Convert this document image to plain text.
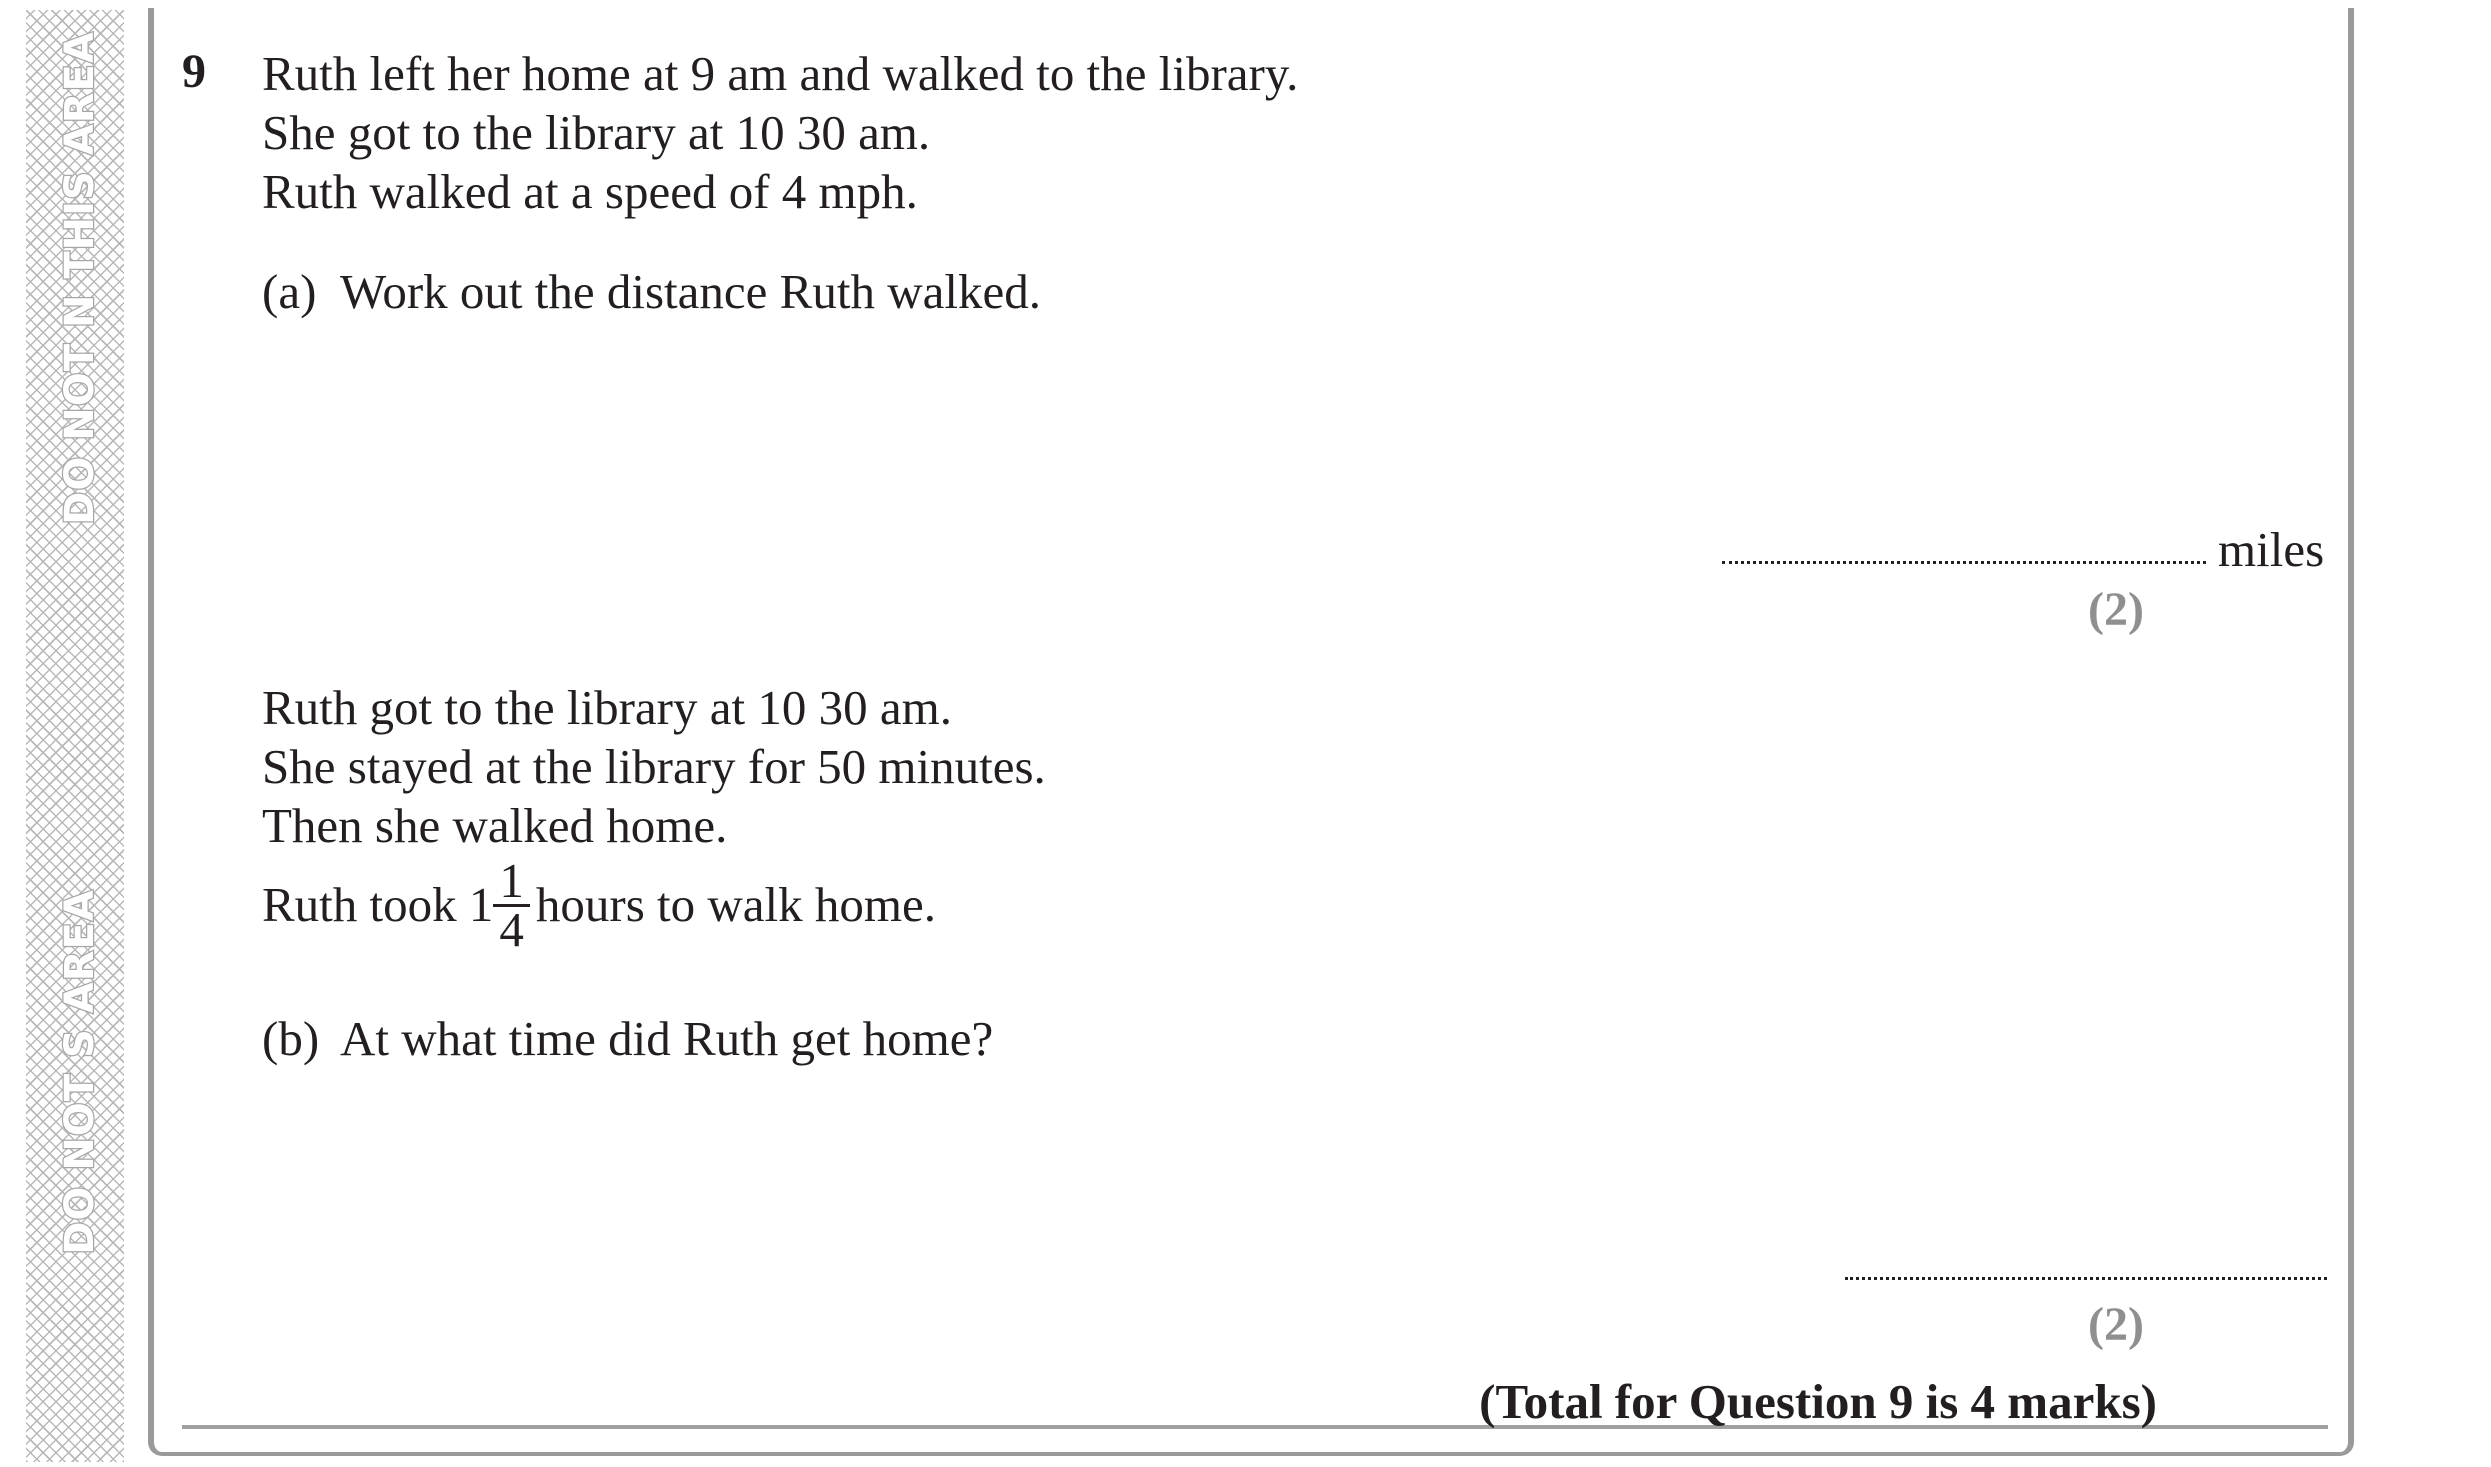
DO NOT N THIS AREA
DO NOT S AREA
9 Ruth left her home at 9 am and walked to the library.
She got to the library at 10 30 am.
Ruth walked at a speed of 4 mph.
(a) Work out the distance Ruth walked.
miles
(2)
Ruth got to the library at 10 30 am.
She stayed at the library for 50 minutes.
Then she walked home.
Ruth took $1 \frac{1}{4}$ hours to walk home.
(b) At what time did Ruth get home?
(2)
(Total for Question 9 is 4 marks)
